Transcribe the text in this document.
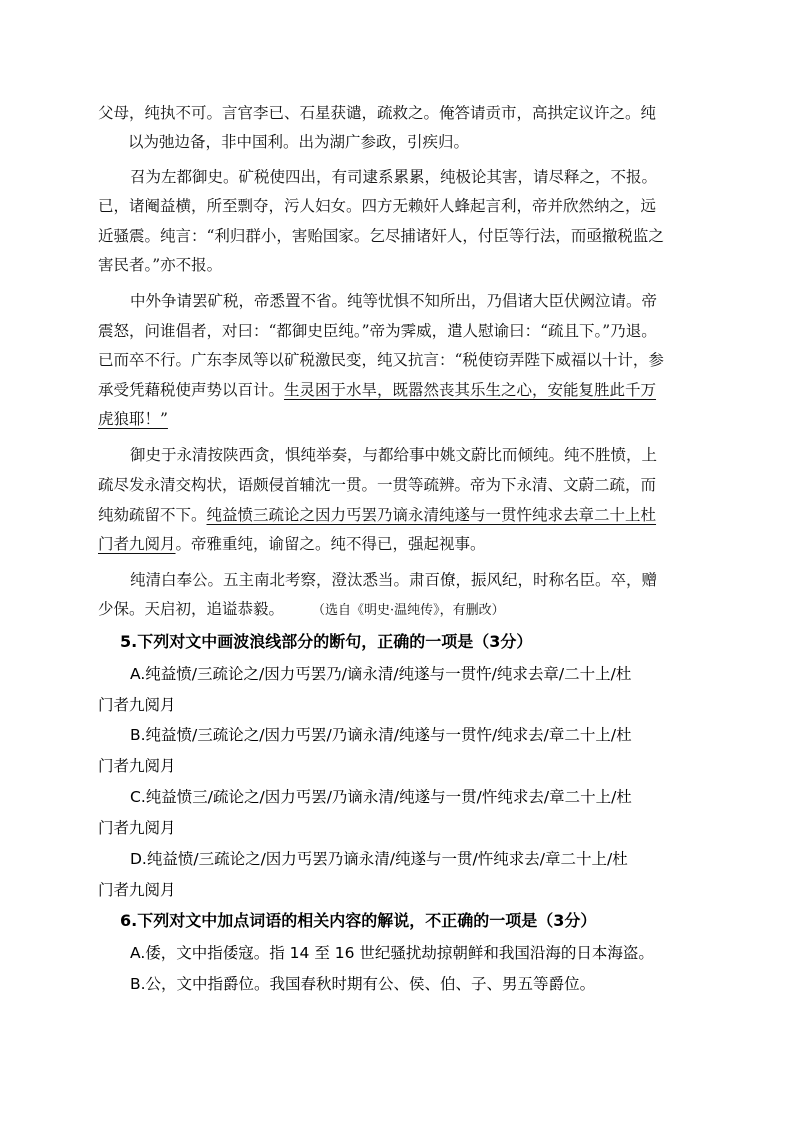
父母，纯执不可。言官李已、石星获谴，疏救之。俺答请贡市，高拱定议许之。纯
以为弛边备，非中国利。出为湖广参政，引疾归。
召为左都御史。矿税使四出，有司逮系累累，纯极论其害，请尽释之，不报。
已，诸阉益横，所至剽夺，污人妇女。四方无赖奸人蜂起言利，帝并欣然纳之，远
近骚震。纯言：“利归群小，害贻国家。乞尽捕诸奸人，付臣等行法，而亟撤税监之
害民者。”亦不报。
中外争请罢矿税，帝悉置不省。纯等忧惧不知所出，乃倡诸大臣伏阙泣请。帝
震怒，问谁倡者，对曰：“都御史臣纯。”帝为霁威，遣人慰谕曰：“疏且下。”乃退。
已而卒不行。广东李凤等以矿税激民变，纯又抗言：“税使窃弄陛下威福以十计，参
承受凭藉税使声势以百计。生灵困于水旱，既嚣然丧其乐生之心，安能复胜此千万
虎狼耶！”
御史于永清按陕西贪，惧纯举奏，与都给事中姚文蔚比而倾纯。纯不胜愤，上
疏尽发永清交构状，语颇侵首辅沈一贯。一贯等疏辨。帝为下永清、文蔚二疏，而
纯劾疏留不下。纯益愤三疏论之因力丐罢乃谪永清纯遂与一贯忤纯求去章二十上杜
门者九阅月。帝雅重纯，谕留之。纯不得已，强起视事。
纯清白奉公。五主南北考察，澄汰悉当。肃百僚，振风纪，时称名臣。卒，赠
少保。天启初，追谥恭毅。 （选自《明史·温纯传》，有删改）
5.下列对文中画波浪线部分的断句，正确的一项是（3分）
A.纯益愤/三疏论之/因力丐罢乃/谪永清/纯遂与一贯忤/纯求去章/二十上/杜
门者九阅月
B.纯益愤/三疏论之/因力丐罢/乃谪永清/纯遂与一贯忤/纯求去/章二十上/杜
门者九阅月
C.纯益愤三/疏论之/因力丐罢/乃谪永清/纯遂与一贯/忤纯求去/章二十上/杜
门者九阅月
D.纯益愤/三疏论之/因力丐罢乃谪永清/纯遂与一贯/忤纯求去/章二十上/杜
门者九阅月
6.下列对文中加点词语的相关内容的解说，不正确的一项是（3分）
A.倭，文中指倭寇。指 14 至 16 世纪骚扰劫掠朝鲜和我国沿海的日本海盗。
B.公，文中指爵位。我国春秋时期有公、侯、伯、子、男五等爵位。
